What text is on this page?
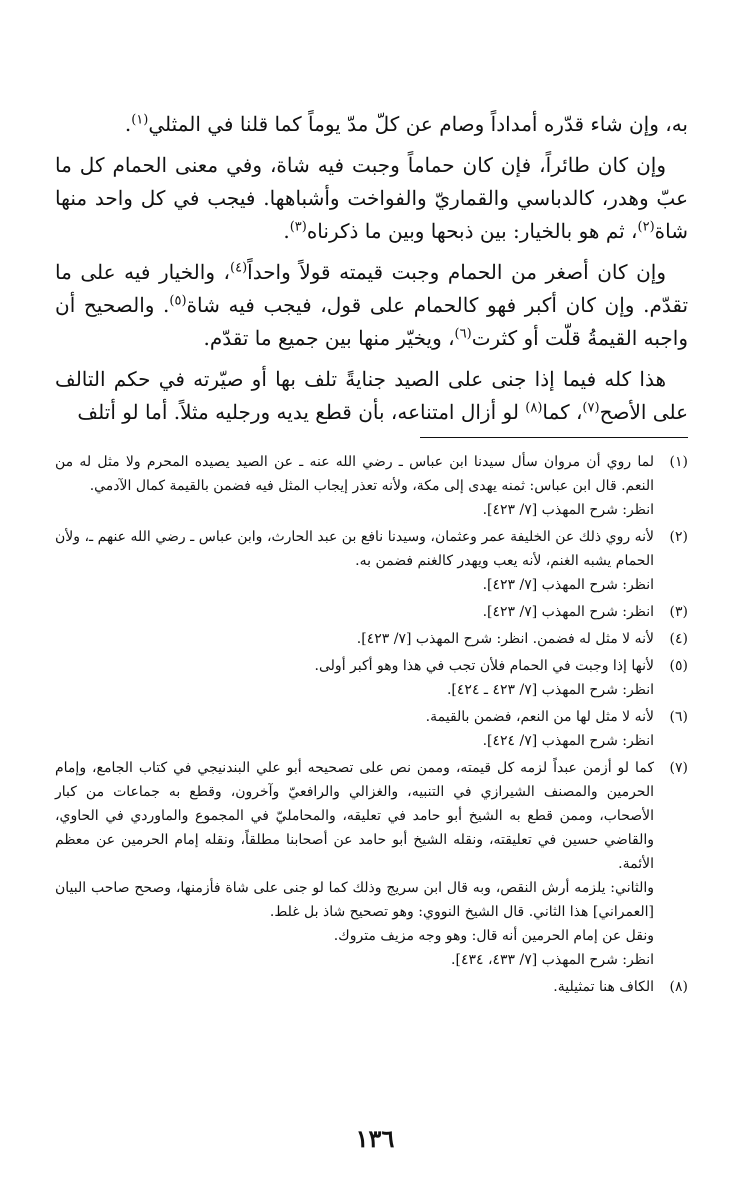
به، وإن شاء قدّره أمداداً وصام عن كلّ مدّ يوماً كما قلنا في المثلي$^{(١)}$.

وإن كان طائراً، فإن كان حماماً وجبت فيه شاة، وفي معنى الحمام كل ما عبّ وهدر، كالدباسي والقماريّ والفواخت وأشباهها. فيجب في كل واحد منها شاة$^{(٢)}$، ثم هو بالخيار: بين ذبحها وبين ما ذكرناه$^{(٣)}$.

وإن كان أصغر من الحمام وجبت قيمته قولاً واحداً$^{(٤)}$، والخيار فيه على ما تقدّم. وإن كان أكبر فهو كالحمام على قول، فيجب فيه شاة$^{(٥)}$. والصحيح أن واجبه القيمةُ قلّت أو كثرت$^{(٦)}$، ويخيّر منها بين جميع ما تقدّم.

هذا كله فيما إذا جنى على الصيد جنايةً تلف بها أو صيّرته في حكم التالف على الأصح$^{(٧)}$، كما$^{(٨)}$ لو أزال امتناعه، بأن قطع يديه ورجليه مثلاً. أما لو أتلف

(١)
لما روي أن مروان سأل سيدنا ابن عباس ـ رضي الله عنه ـ عن الصيد يصيده المحرم ولا مثل له من النعم. قال ابن عباس: ثمنه يهدى إلى مكة، ولأنه تعذر إيجاب المثل فيه فضمن بالقيمة كمال الآدمي.
انظر: شرح المهذب [٧/ ٤٢٣].
(٢)
لأنه روي ذلك عن الخليفة عمر وعثمان، وسيدنا نافع بن عبد الحارث، وابن عباس ـ رضي الله عنهم ـ، ولأن الحمام يشبه الغنم، لأنه يعب ويهدر كالغنم فضمن به.
انظر: شرح المهذب [٧/ ٤٢٣].
(٣)
انظر: شرح المهذب [٧/ ٤٢٣].
(٤)
لأنه لا مثل له فضمن. انظر: شرح المهذب [٧/ ٤٢٣].
(٥)
لأنها إذا وجبت في الحمام فلأن تجب في هذا وهو أكبر أولى.
انظر: شرح المهذب [٧/ ٤٢٣ ـ ٤٢٤].
(٦)
لأنه لا مثل لها من النعم، فضمن بالقيمة.
انظر: شرح المهذب [٧/ ٤٢٤].
(٧)
كما لو أزمن عبداً لزمه كل قيمته، وممن نص على تصحيحه أبو علي البندنيجي في كتاب الجامع، وإمام الحرمين والمصنف الشيرازي في التنبيه، والغزالي والرافعيّ وآخرون، وقطع به جماعات من كبار الأصحاب، وممن قطع به الشيخ أبو حامد في تعليقه، والمحامليّ في المجموع والماوردي في الحاوي، والقاضي حسين في تعليقته، ونقله الشيخ أبو حامد عن أصحابنا مطلقاً، ونقله إمام الحرمين عن معظم الأئمة.
والثاني: يلزمه أرش النقص، وبه قال ابن سريج وذلك كما لو جنى على شاة فأزمنها، وصحح صاحب البيان [العمراني] هذا الثاني. قال الشيخ النووي: وهو تصحيح شاذ بل غلط.
ونقل عن إمام الحرمين أنه قال: وهو وجه مزيف متروك.
انظر: شرح المهذب [٧/ ٤٣٣، ٤٣٤].
(٨)
الكاف هنا تمثيلية.
١٣٦
